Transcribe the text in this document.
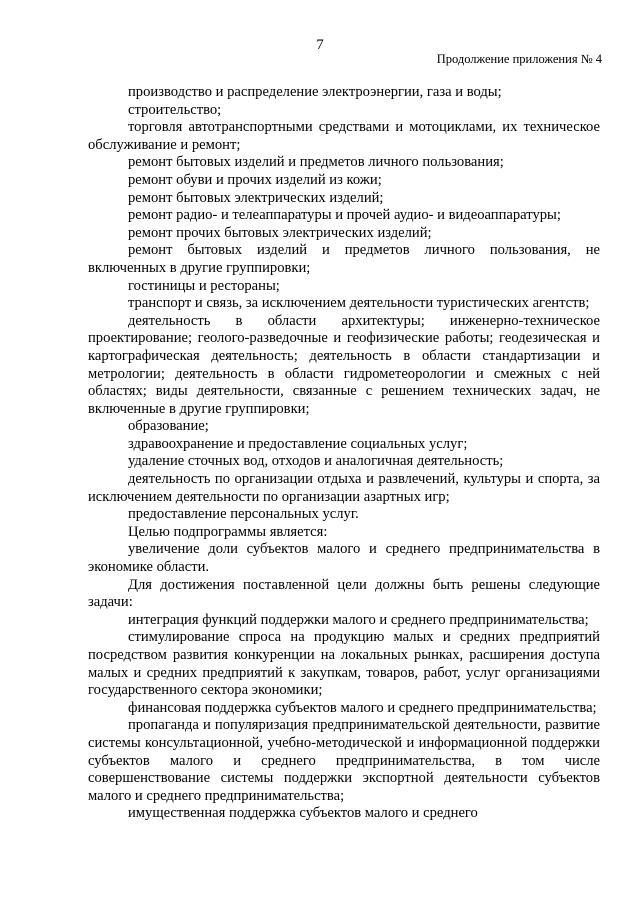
7
Продолжение приложения № 4

производство и распределение электроэнергии, газа и воды;

строительство;

торговля автотранспортными средствами и мотоциклами, их техническое обслуживание и ремонт;

ремонт бытовых изделий и предметов личного пользования;

ремонт обуви и прочих изделий из кожи;

ремонт бытовых электрических изделий;

ремонт радио- и телеаппаратуры и прочей аудио- и видеоаппаратуры;

ремонт прочих бытовых электрических изделий;

ремонт бытовых изделий и предметов личного пользования, не включенных в другие группировки;

гостиницы и рестораны;

транспорт и связь, за исключением деятельности туристических агентств;

деятельность в области архитектуры; инженерно-техническое проектирование; геолого-разведочные и геофизические работы; геодезическая и картографическая деятельность; деятельность в области стандартизации и метрологии; деятельность в области гидрометеорологии и смежных с ней областях; виды деятельности, связанные с решением технических задач, не включенные в другие группировки;

образование;

здравоохранение и предоставление социальных услуг;

удаление сточных вод, отходов и аналогичная деятельность;

деятельность по организации отдыха и развлечений, культуры и спорта, за исключением деятельности по организации азартных игр;

предоставление персональных услуг.

Целью подпрограммы является:

увеличение доли субъектов малого и среднего предпринимательства в экономике области.

Для достижения поставленной цели должны быть решены следующие задачи:

интеграция функций поддержки малого и среднего предпринимательства;

стимулирование спроса на продукцию малых и средних предприятий посредством развития конкуренции на локальных рынках, расширения доступа малых и средних предприятий к закупкам, товаров, работ, услуг организациями государственного сектора экономики;

финансовая поддержка субъектов малого и среднего предпринимательства;

пропаганда и популяризация предпринимательской деятельности, развитие системы консультационной, учебно-методической и информационной поддержки субъектов малого и среднего предпринимательства, в том числе совершенствование системы поддержки экспортной деятельности субъектов малого и среднего предпринимательства;

имущественная поддержка субъектов малого и среднего
